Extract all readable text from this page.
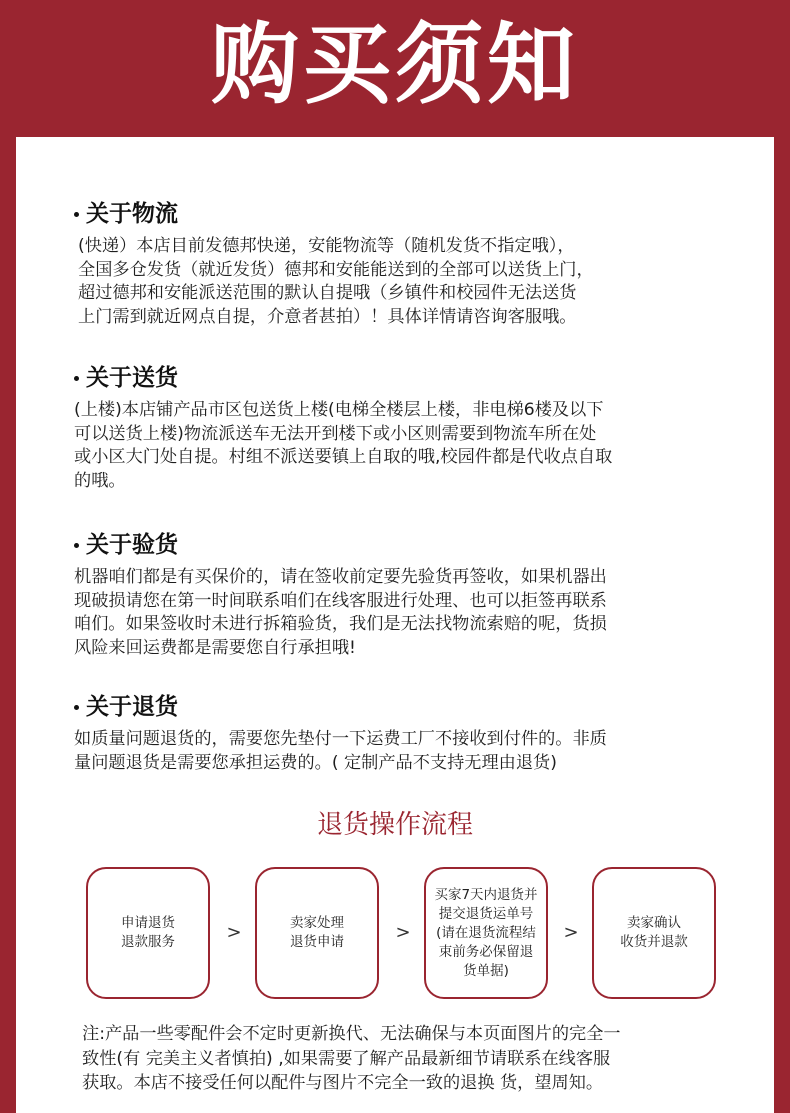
购买须知
关于物流
(快递）本店目前发德邦快递，安能物流等（随机发货不指定哦），
全国多仓发货（就近发货）德邦和安能能送到的全部可以送货上门，
超过德邦和安能派送范围的默认自提哦（乡镇件和校园件无法送货
上门需到就近网点自提，介意者甚拍）！具体详情请咨询客服哦。
关于送货
(上楼)本店铺产品市区包送货上楼(电梯全楼层上楼，非电梯6楼及以下
可以送货上楼)物流派送车无法开到楼下或小区则需要到物流车所在处
或小区大门处自提。村组不派送要镇上自取的哦,校园件都是代收点自取
的哦。
关于验货
机器咱们都是有买保价的，请在签收前定要先验货再签收，如果机器出
现破损请您在第一时间联系咱们在线客服进行处理、也可以拒签再联系
咱们。如果签收时未进行拆箱验货，我们是无法找物流索赔的呢，货损
风险来回运费都是需要您自行承担哦!
关于退货
如质量问题退货的，需要您先垫付一下运费工厂不接收到付件的。非质
量问题退货是需要您承担运费的。( 定制产品不支持无理由退货)
退货操作流程
申请退货
退款服务	>	卖家处理
退货申请	>
买家7天内退货并
提交退货运单号
(请在退货流程结
束前务必保留退
货单据)
>	卖家确认
收货并退款
注:产品一些零配件会不定时更新换代、无法确保与本页面图片的完全一
致性(有 完美主义者慎拍) ,如果需要了解产品最新细节请联系在线客服
获取。本店不接受任何以配件与图片不完全一致的退换 货，望周知。
